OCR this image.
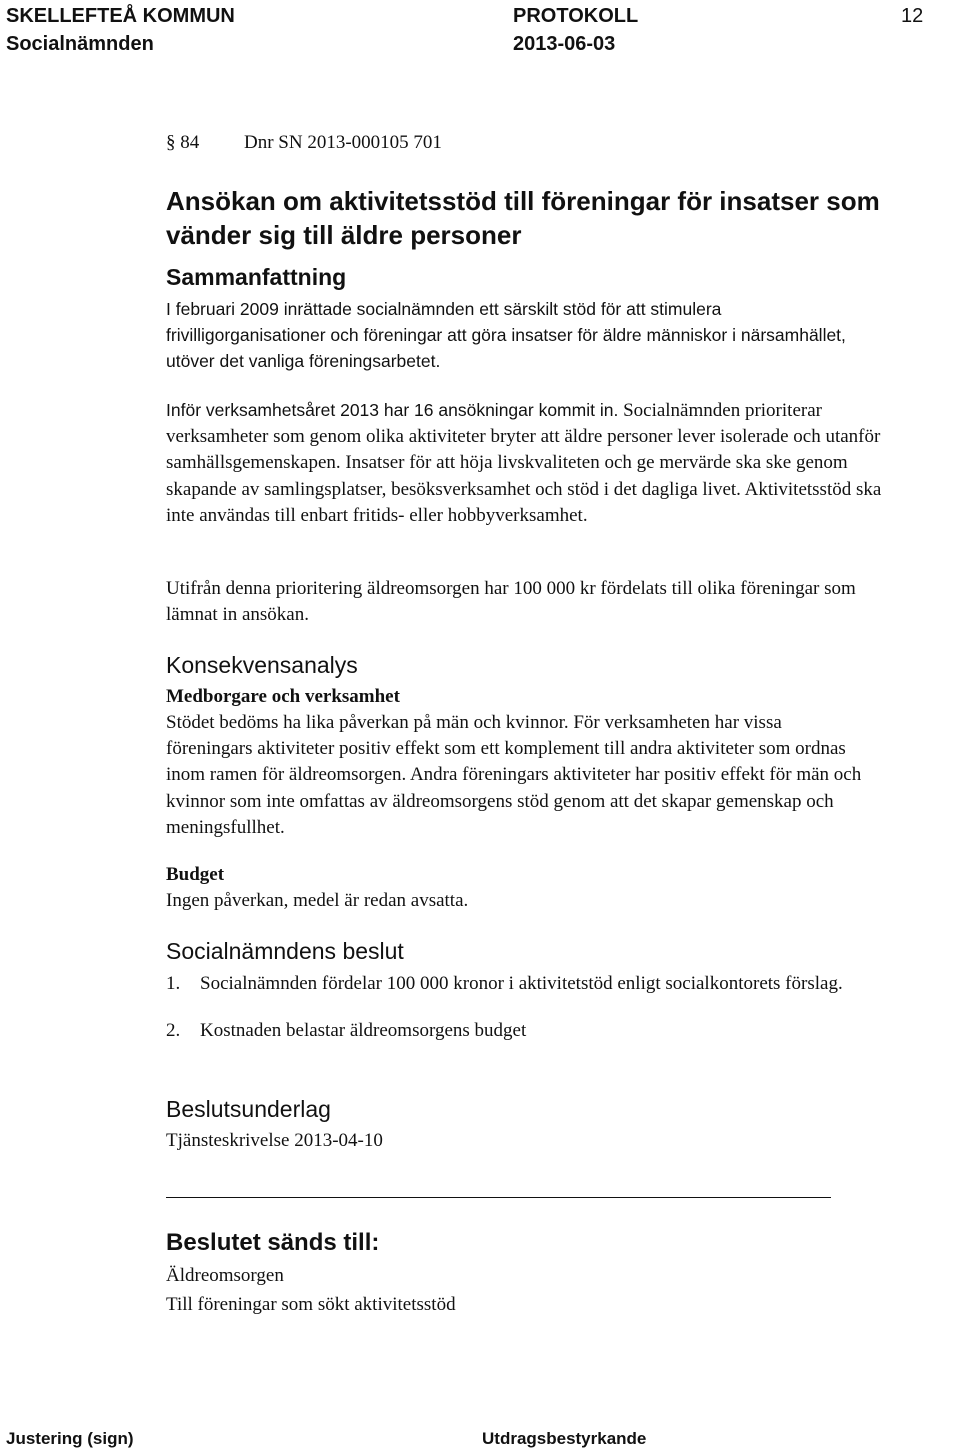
SKELLEFTEÅ KOMMUN	PROTOKOLL	12
Socialnämnden	2013-06-03
§ 84 Dnr SN 2013-000105 701
Ansökan om aktivitetsstöd till föreningar för insatser som vänder sig till äldre personer
Sammanfattning

I februari 2009 inrättade socialnämnden ett särskilt stöd för att stimulera frivilligorganisationer och föreningar att göra insatser för äldre människor i närsamhället, utöver det vanliga föreningsarbetet.

Inför verksamhetsåret 2013 har 16 ansökningar kommit in. Socialnämnden prioriterar verksamheter som genom olika aktiviteter bryter att äldre personer lever isolerade och utanför samhällsgemenskapen. Insatser för att höja livskvaliteten och ge mervärde ska ske genom skapande av samlingsplatser, besöksverksamhet och stöd i det dagliga livet. Aktivitetsstöd ska inte användas till enbart fritids- eller hobbyverksamhet.

Utifrån denna prioritering äldreomsorgen har 100 000 kr fördelats till olika föreningar som lämnat in ansökan.

Konsekvensanalys
Medborgare och verksamhet

Stödet bedöms ha lika påverkan på män och kvinnor. För verksamheten har vissa föreningars aktiviteter positiv effekt som ett komplement till andra aktiviteter som ordnas inom ramen för äldreomsorgen. Andra föreningars aktiviteter har positiv effekt för män och kvinnor som inte omfattas av äldreomsorgens stöd genom att det skapar gemenskap och meningsfullhet.

Budget

Ingen påverkan, medel är redan avsatta.

Socialnämndens beslut
1. Socialnämnden fördelar 100 000 kronor i aktivitetstöd enligt socialkontorets förslag.
2. Kostnaden belastar äldreomsorgens budget
Beslutsunderlag

Tjänsteskrivelse 2013-04-10

Beslutet sänds till:

Äldreomsorgen

Till föreningar som sökt aktivitetsstöd

Justering (sign)	Utdragsbestyrkande
